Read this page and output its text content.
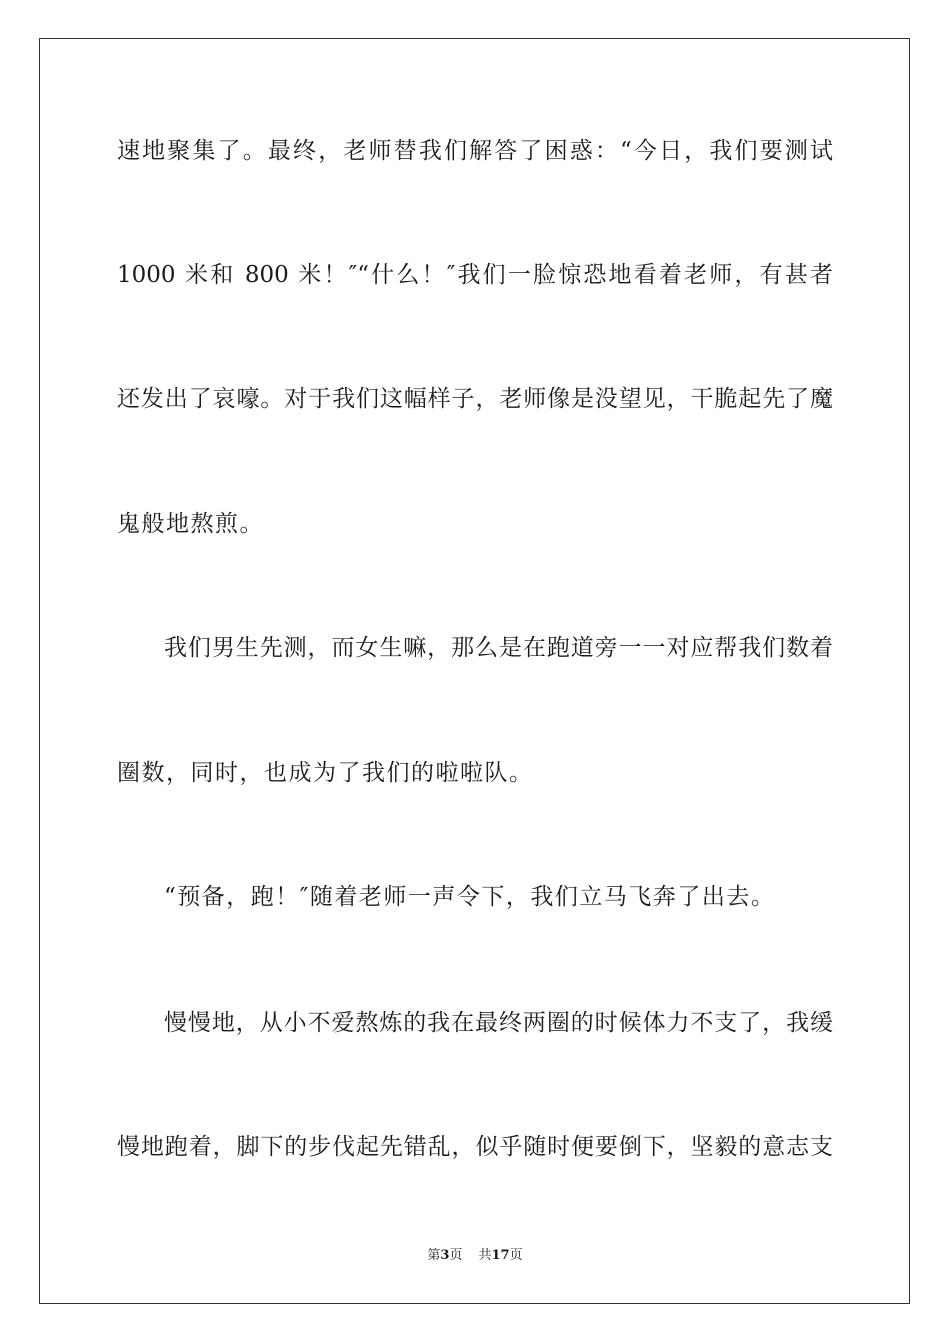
速地聚集了。最终，老师替我们解答了困惑：“今日，我们要测试
1000 米和 800 米！″“什么！″我们一脸惊恐地看着老师，有甚者
还发出了哀嚎。对于我们这幅样子，老师像是没望见，干脆起先了魔
鬼般地熬煎。
我们男生先测，而女生嘛，那么是在跑道旁一一对应帮我们数着
圈数，同时，也成为了我们的啦啦队。
“预备，跑！″随着老师一声令下，我们立马飞奔了出去。
慢慢地，从小不爱熬炼的我在最终两圈的时候体力不支了，我缓
慢地跑着，脚下的步伐起先错乱，似乎随时便要倒下，坚毅的意志支
第3页 共17页
